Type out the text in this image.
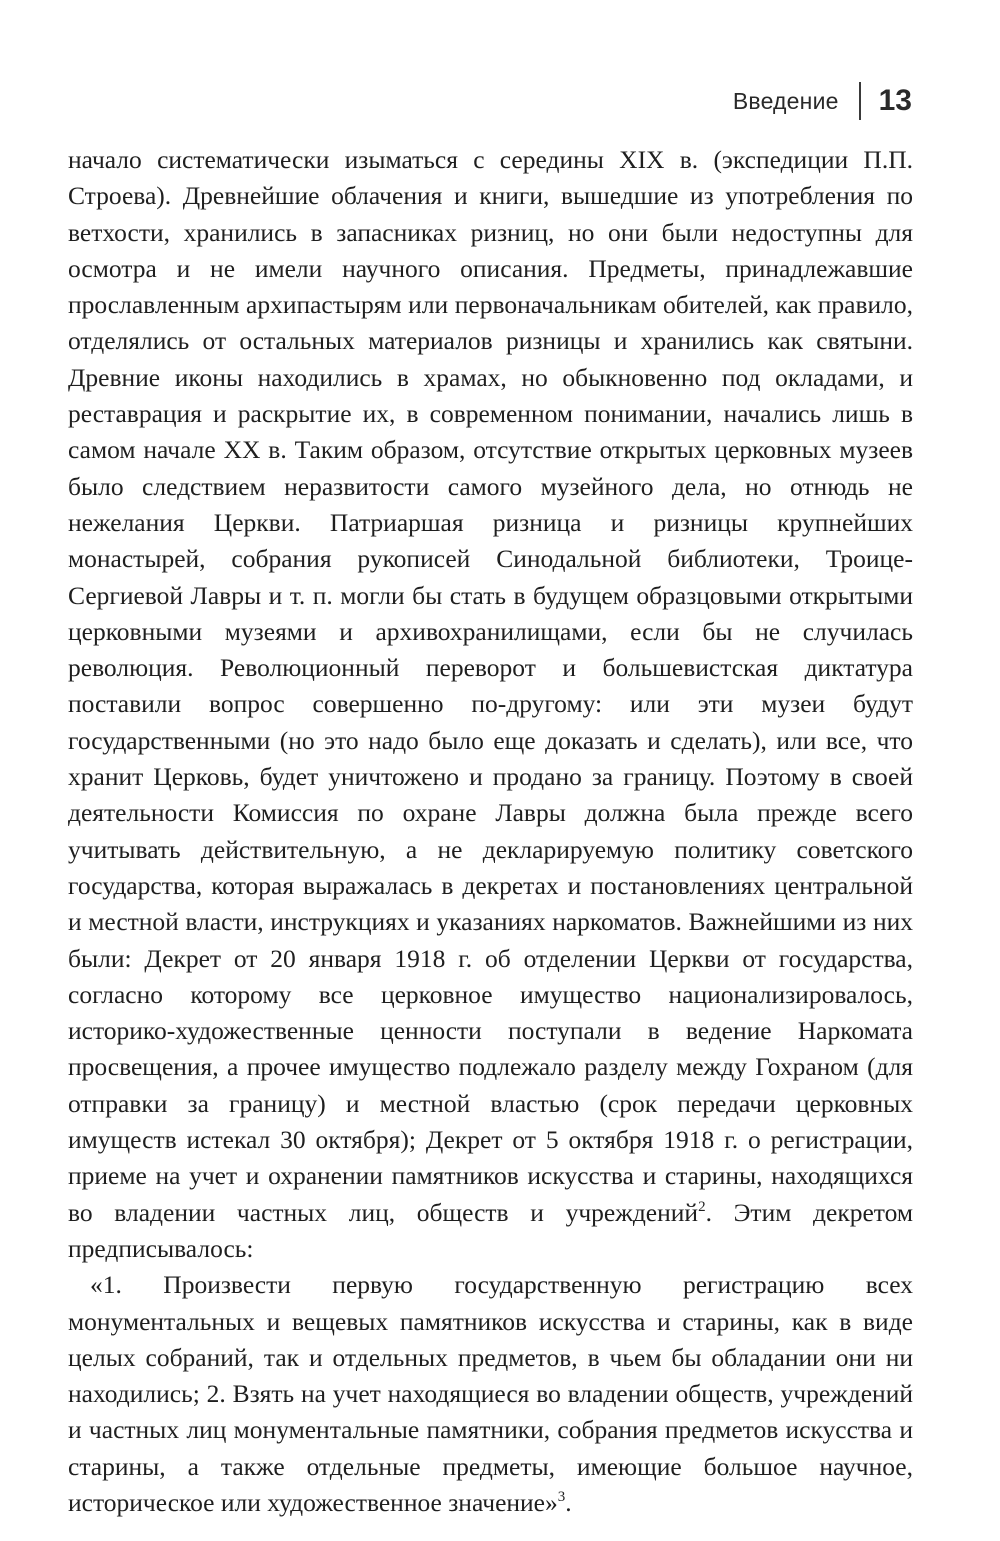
Введение 13

начало систематически изыматься с середины XIX в. (экспедиции П.П. Строева). Древнейшие облачения и книги, вышедшие из употребления по ветхости, хранились в запасниках ризниц, но они были недоступны для осмотра и не имели научного описания. Предметы, принадлежавшие прославленным архипастырям или первоначальникам обителей, как правило, отделялись от остальных материалов ризницы и хранились как святыни. Древние иконы находились в храмах, но обыкновенно под окладами, и реставрация и раскрытие их, в современном понимании, начались лишь в самом начале XX в. Таким образом, отсутствие открытых церковных музеев было следствием неразвитости самого музейного дела, но отнюдь не нежелания Церкви. Патриаршая ризница и ризницы крупнейших монастырей, собрания рукописей Синодальной библиотеки, Троице-Сергиевой Лавры и т. п. могли бы стать в будущем образцовыми открытыми церковными музеями и архивохранилищами, если бы не случилась революция. Революционный переворот и большевистская диктатура поставили вопрос совершенно по-другому: или эти музеи будут государственными (но это надо было еще доказать и сделать), или все, что хранит Церковь, будет уничтожено и продано за границу. Поэтому в своей деятельности Комиссия по охране Лавры должна была прежде всего учитывать действительную, а не декларируемую политику советского государства, которая выражалась в декретах и постановлениях центральной и местной власти, инструкциях и указаниях наркоматов. Важнейшими из них были: Декрет от 20 января 1918 г. об отделении Церкви от государства, согласно которому все церковное имущество национализировалось, историко-художественные ценности поступали в ведение Наркомата просвещения, а прочее имущество подлежало разделу между Гохраном (для отправки за границу) и местной властью (срок передачи церковных имуществ истекал 30 октября); Декрет от 5 октября 1918 г. о регистрации, приеме на учет и охранении памятников искусства и старины, находящихся во владении частных лиц, обществ и учреждений$^2$. Этим декретом предписывалось:

«1. Произвести первую государственную регистрацию всех монументальных и вещевых памятников искусства и старины, как в виде целых собраний, так и отдельных предметов, в чьем бы обладании они ни находились; 2. Взять на учет находящиеся во владении обществ, учреждений и частных лиц монументальные памятники, собрания предметов искусства и старины, а также отдельные предметы, имеющие большое научное, историческое или художественное значение»$^3$.
